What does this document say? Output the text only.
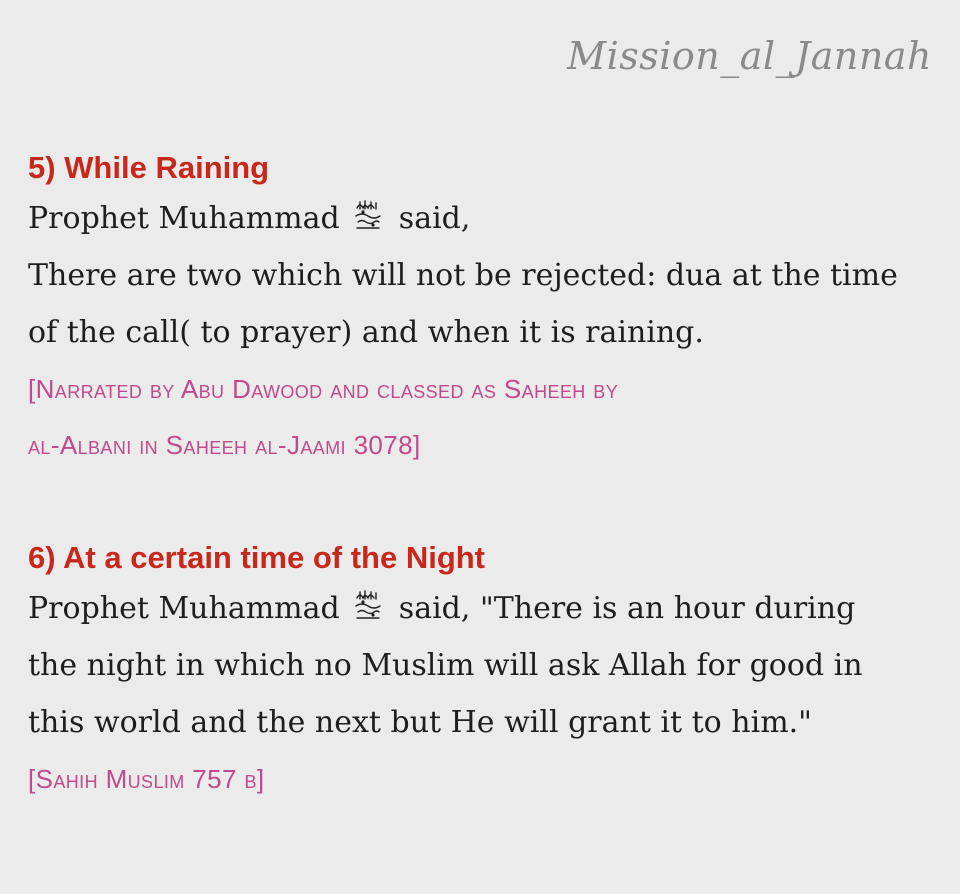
Mission_al_Jannah
5) While Raining
Prophet Muhammad said,
There are two which will not be rejected: dua at the time
of the call( to prayer) and when it is raining.
[Narrated by Abu Dawood and classed as Saheeh by
al-Albani in Saheeh al-Jaami 3078]
6) At a certain time of the Night
Prophet Muhammad said, "There is an hour during
the night in which no Muslim will ask Allah for good in
this world and the next but He will grant it to him."
[Sahih Muslim 757 b]
